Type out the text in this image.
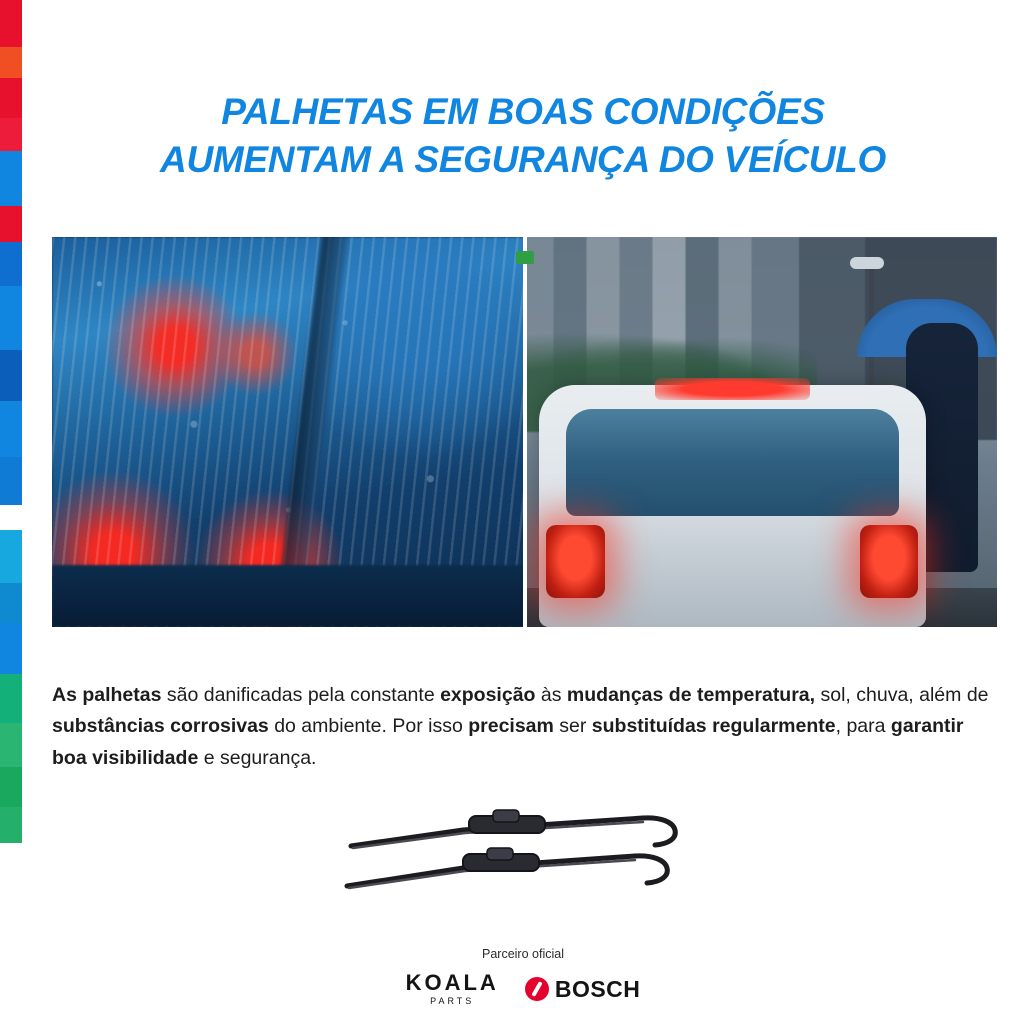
PALHETAS EM BOAS CONDIÇÕES
AUMENTAM A SEGURANÇA DO VEÍCULO

As palhetas são danificadas pela constante exposição às mudanças de temperatura, sol, chuva, além de substâncias corrosivas do ambiente. Por isso precisam ser substituídas regularmente, para garantir boa visibilidade e segurança.

Parceiro oficial
KOALA
PARTS	BOSCH
